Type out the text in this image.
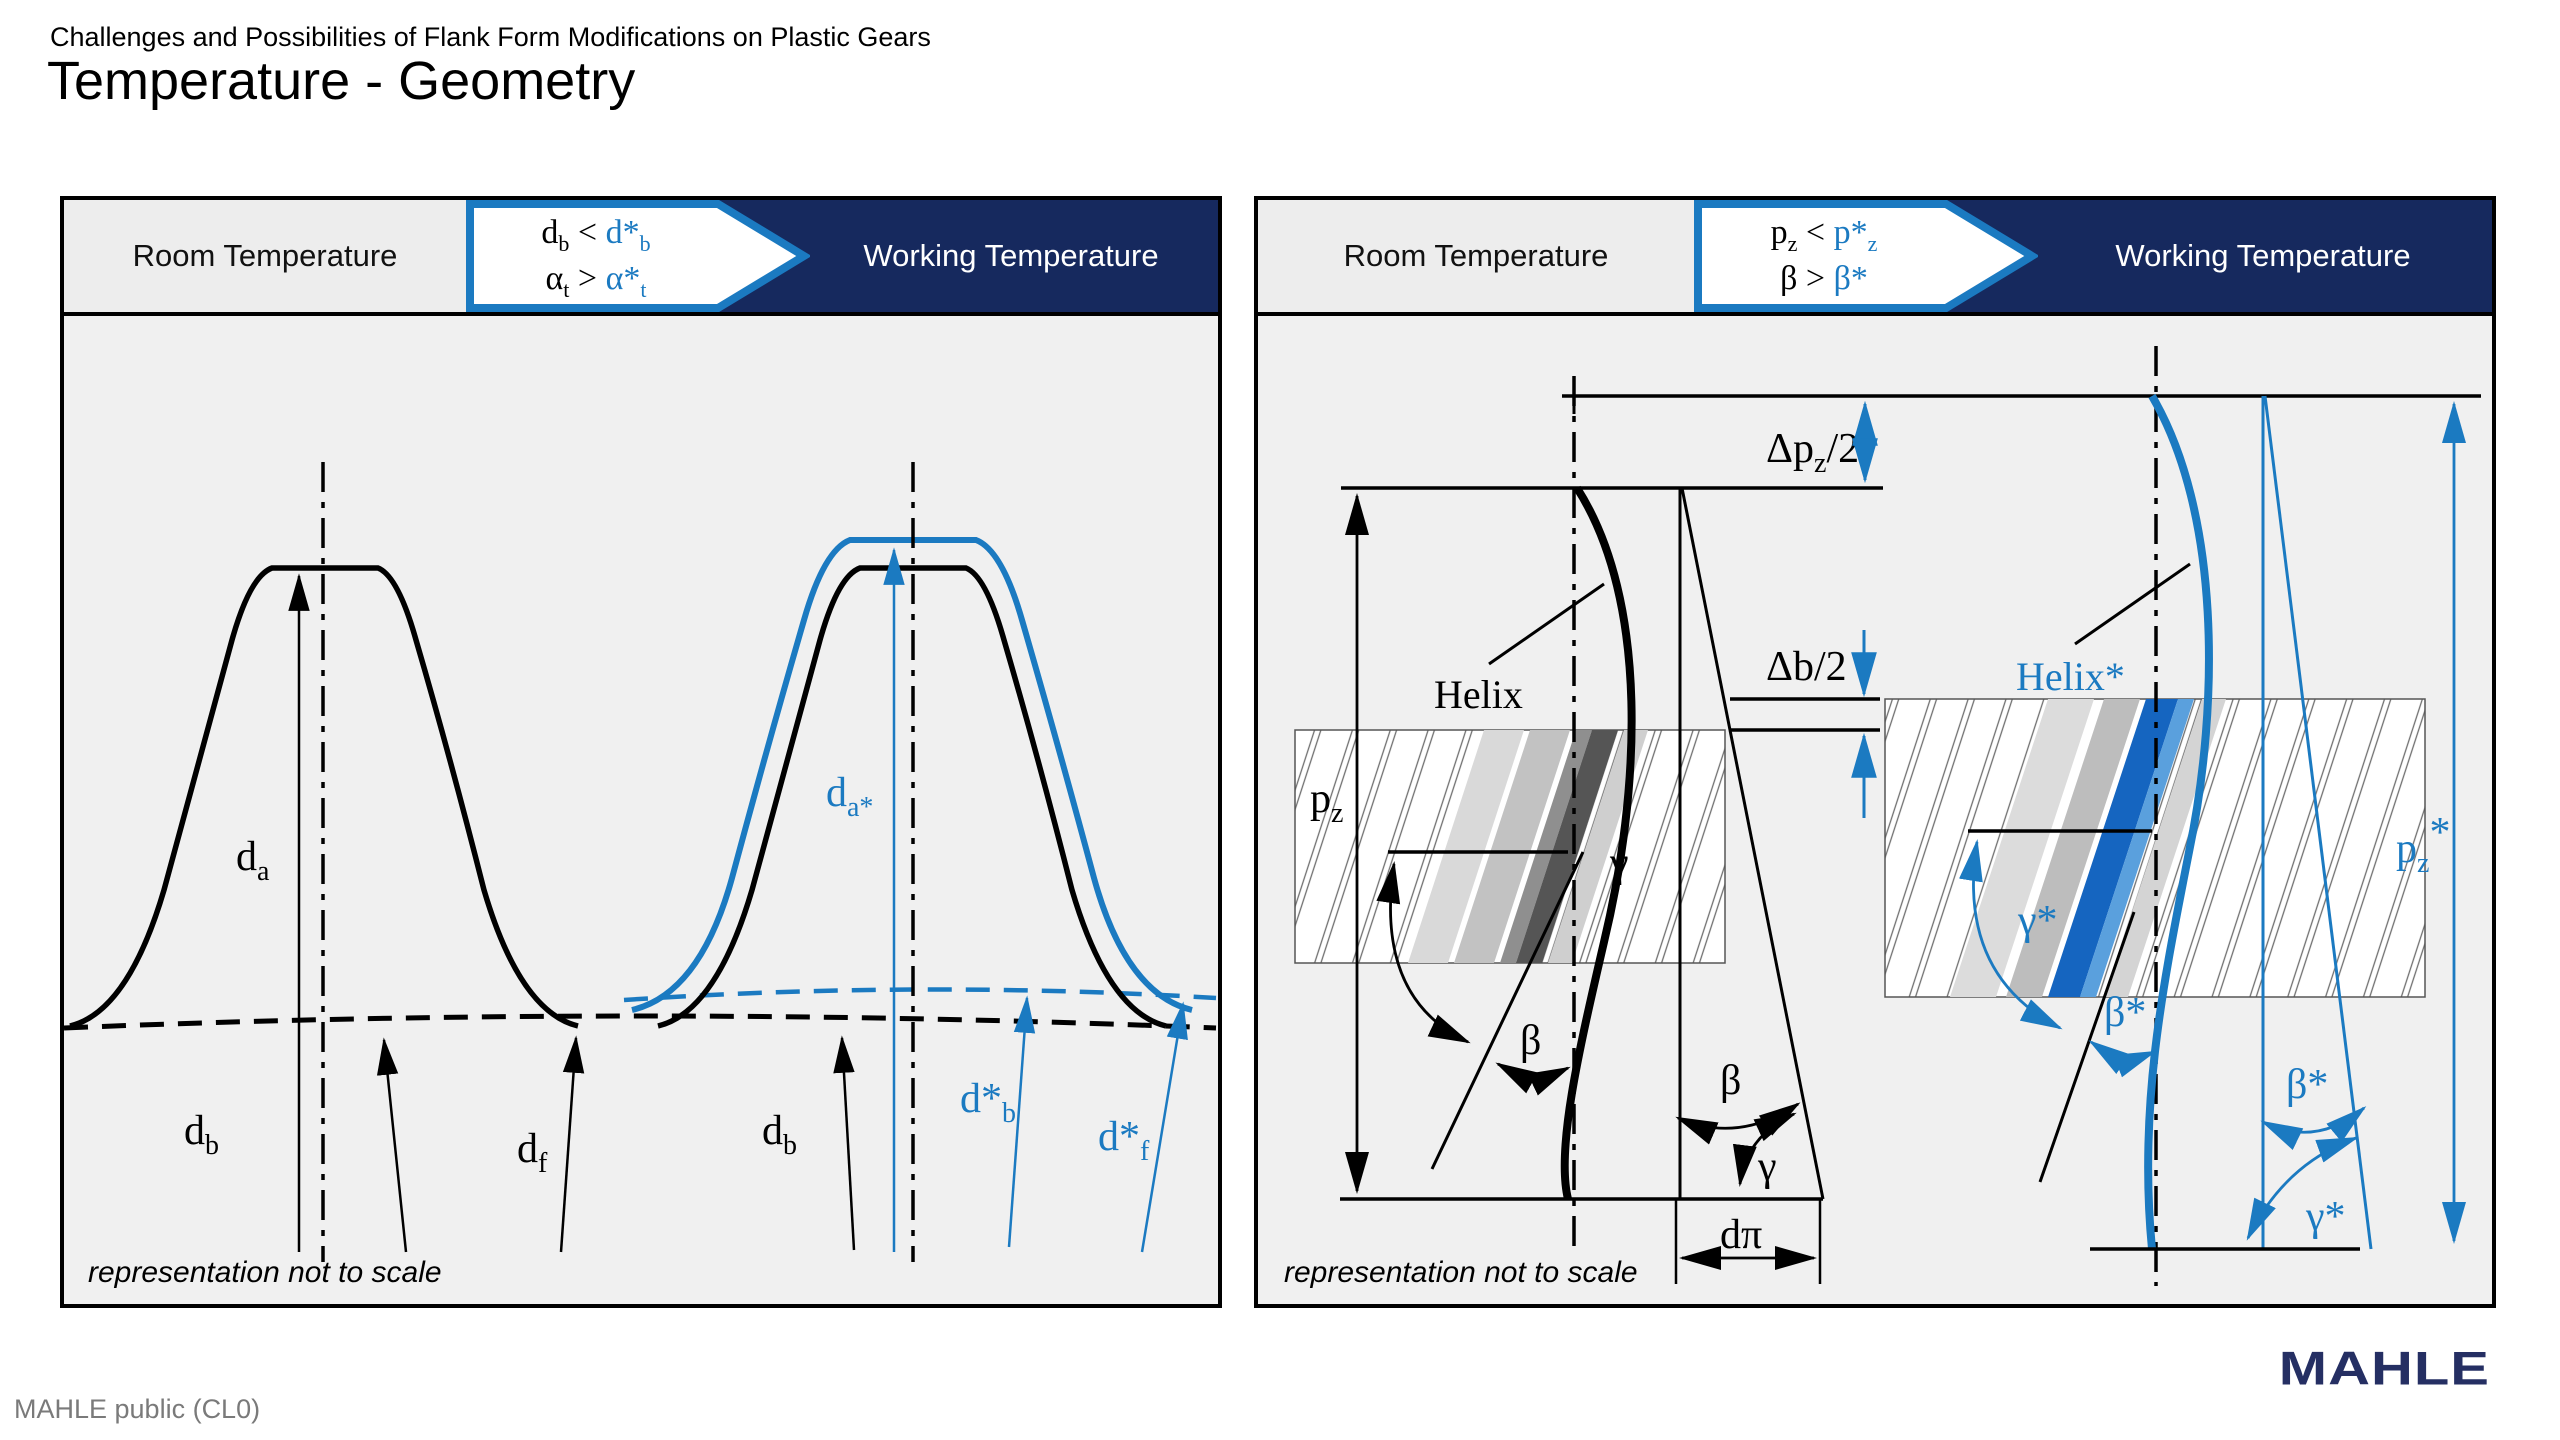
Challenges and Possibilities of Flank Form Modifications on Plastic Gears
Temperature - Geometry
Room Temperature	Working Temperature
$d_b < d*_b$
$\alpha_t > \alpha*_t$
$d_a$
$d_b$	$d_f$
$d_{a*}$
$d_b$
$d*_b$
$d*_f$
representation not to scale
Room Temperature	Working Temperature
$p_z < p*_z$
β > β*
$\Delta p_z/2$
$p_z$
Helix
β
γ
β
Δb/2	Helix*
β*
γ*
γ*
β*
$p_z*$
dπ
γ
representation not to scale
MAHLE public (CL0)
MAHLE
